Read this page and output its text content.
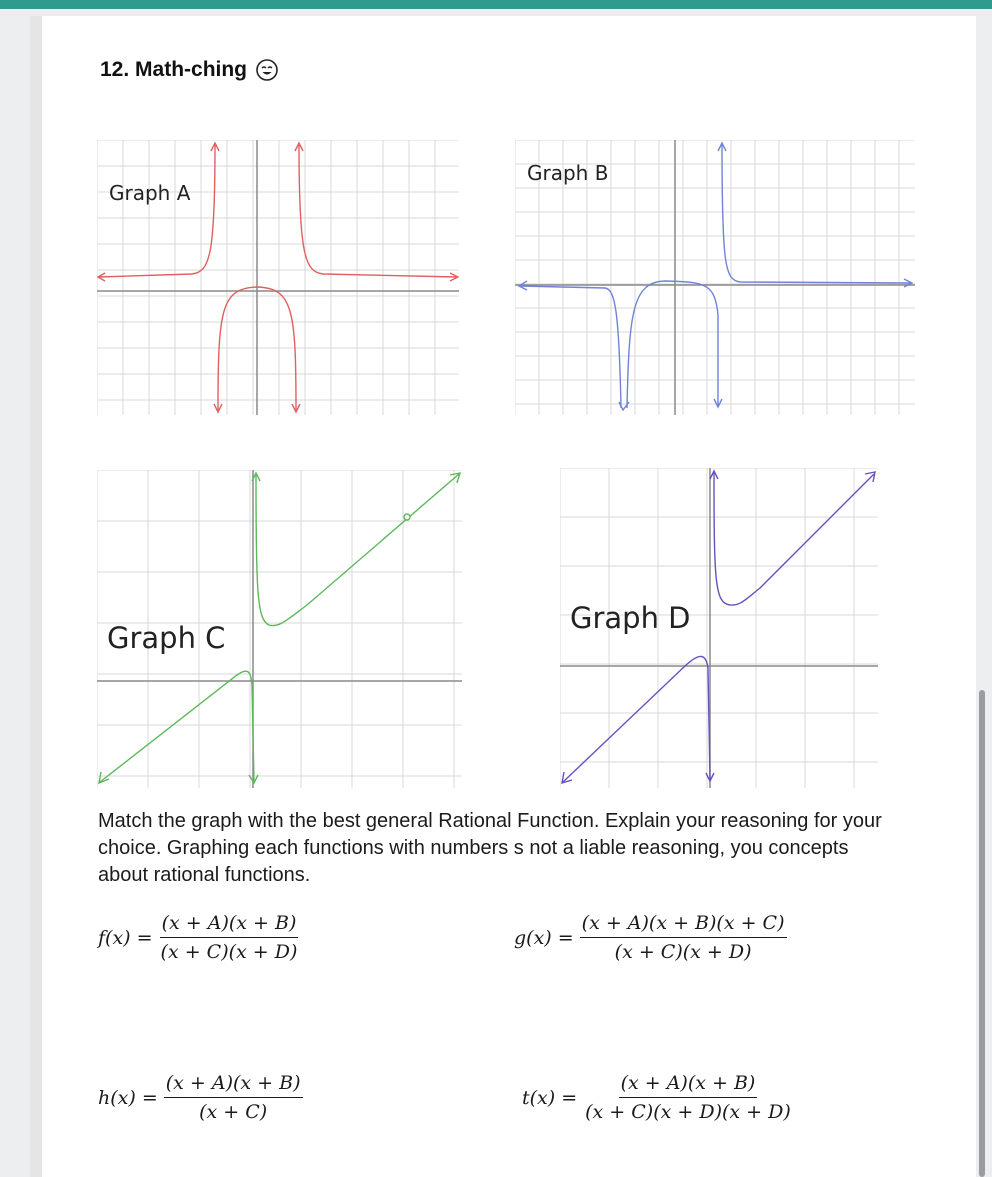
12. Math-ching
Graph A
Graph B
Graph C
Graph D
Match the graph with the best general Rational Function. Explain your reasoning for your choice. Graphing each functions with numbers s not a liable reasoning, you concepts about rational functions.
$f(x) = \frac{(x + A)(x + B)}{(x + C)(x + D)}$	$g(x) = \frac{(x + A)(x + B)(x + C)}{(x + C)(x + D)}$
$h(x) = \frac{(x + A)(x + B)}{(x + C)}$	$t(x) = \frac{(x + A)(x + B)}{(x + C)(x + D)(x + D)}$
